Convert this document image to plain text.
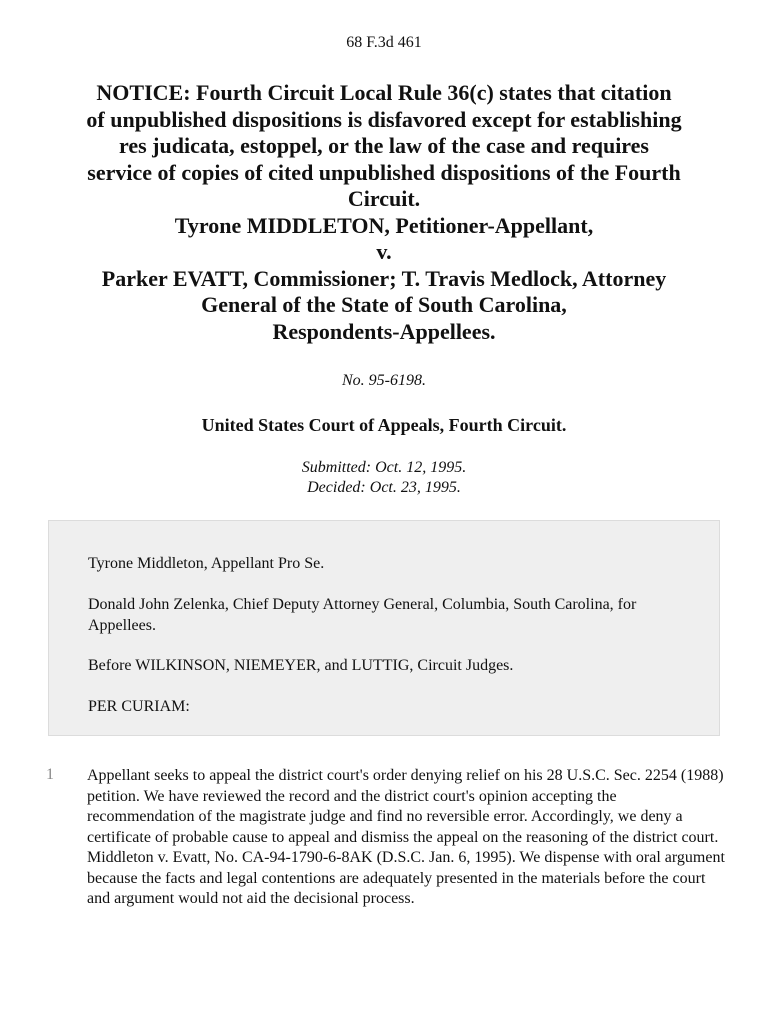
68 F.3d 461
NOTICE: Fourth Circuit Local Rule 36(c) states that citation
of unpublished dispositions is disfavored except for establishing
res judicata, estoppel, or the law of the case and requires
service of copies of cited unpublished dispositions of the Fourth
Circuit.
Tyrone MIDDLETON, Petitioner-Appellant,
v.
Parker EVATT, Commissioner; T. Travis Medlock, Attorney
General of the State of South Carolina,
Respondents-Appellees.
No. 95-6198.
United States Court of Appeals, Fourth Circuit.
Submitted: Oct. 12, 1995.
Decided: Oct. 23, 1995.

Tyrone Middleton, Appellant Pro Se.

Donald John Zelenka, Chief Deputy Attorney General, Columbia, South Carolina, for Appellees.

Before WILKINSON, NIEMEYER, and LUTTIG, Circuit Judges.

PER CURIAM:

1 Appellant seeks to appeal the district court's order denying relief on his 28 U.S.C. Sec. 2254 (1988) petition. We have reviewed the record and the district court's opinion accepting the recommendation of the magistrate judge and find no reversible error. Accordingly, we deny a certificate of probable cause to appeal and dismiss the appeal on the reasoning of the district court. Middleton v. Evatt, No. CA-94-1790-6-8AK (D.S.C. Jan. 6, 1995). We dispense with oral argument because the facts and legal contentions are adequately presented in the materials before the court and argument would not aid the decisional process.
